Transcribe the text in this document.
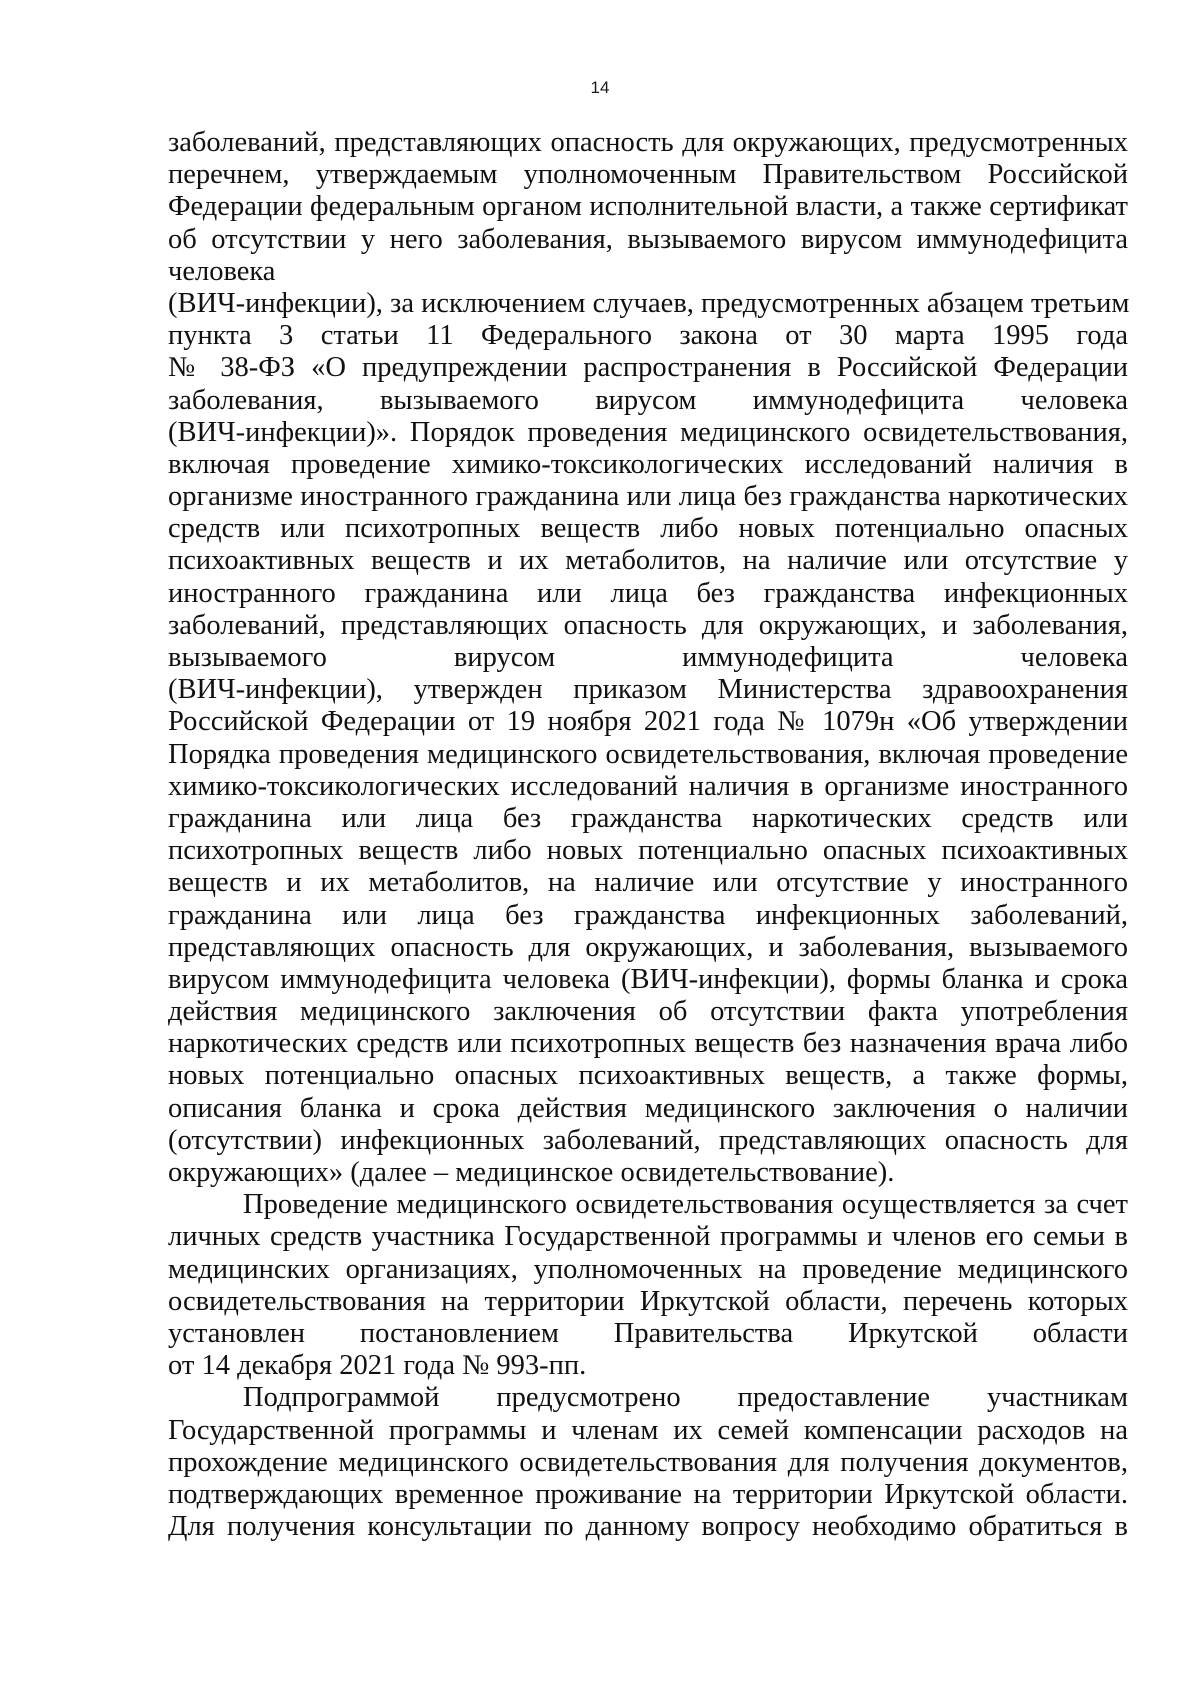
14
заболеваний, представляющих опасность для окружающих, предусмотренных
перечнем, утверждаемым уполномоченным Правительством Российской
Федерации федеральным органом исполнительной власти, а также сертификат
об отсутствии у него заболевания, вызываемого вирусом иммунодефицита
человека
(ВИЧ-инфекции), за исключением случаев, предусмотренных абзацем третьим
пункта 3 статьи 11 Федерального закона от 30 марта 1995 года
№ 38-ФЗ «О предупреждении распространения в Российской Федерации
заболевания, вызываемого вирусом иммунодефицита человека
(ВИЧ-инфекции)». Порядок проведения медицинского освидетельствования,
включая проведение химико-токсикологических исследований наличия в
организме иностранного гражданина или лица без гражданства наркотических
средств или психотропных веществ либо новых потенциально опасных
психоактивных веществ и их метаболитов, на наличие или отсутствие у
иностранного гражданина или лица без гражданства инфекционных
заболеваний, представляющих опасность для окружающих, и заболевания,
вызываемого вирусом иммунодефицита человека
(ВИЧ-инфекции), утвержден приказом Министерства здравоохранения
Российской Федерации от 19 ноября 2021 года № 1079н «Об утверждении
Порядка проведения медицинского освидетельствования, включая проведение
химико-токсикологических исследований наличия в организме иностранного
гражданина или лица без гражданства наркотических средств или
психотропных веществ либо новых потенциально опасных психоактивных
веществ и их метаболитов, на наличие или отсутствие у иностранного
гражданина или лица без гражданства инфекционных заболеваний,
представляющих опасность для окружающих, и заболевания, вызываемого
вирусом иммунодефицита человека (ВИЧ-инфекции), формы бланка и срока
действия медицинского заключения об отсутствии факта употребления
наркотических средств или психотропных веществ без назначения врача либо
новых потенциально опасных психоактивных веществ, а также формы,
описания бланка и срока действия медицинского заключения о наличии
(отсутствии) инфекционных заболеваний, представляющих опасность для
окружающих» (далее – медицинское освидетельствование).
Проведение медицинского освидетельствования осуществляется за счет
личных средств участника Государственной программы и членов его семьи в
медицинских организациях, уполномоченных на проведение медицинского
освидетельствования на территории Иркутской области, перечень которых
установлен постановлением Правительства Иркутской области
от 14 декабря 2021 года № 993-пп.
Подпрограммой предусмотрено предоставление участникам
Государственной программы и членам их семей компенсации расходов на
прохождение медицинского освидетельствования для получения документов,
подтверждающих временное проживание на территории Иркутской области.
Для получения консультации по данному вопросу необходимо обратиться в
